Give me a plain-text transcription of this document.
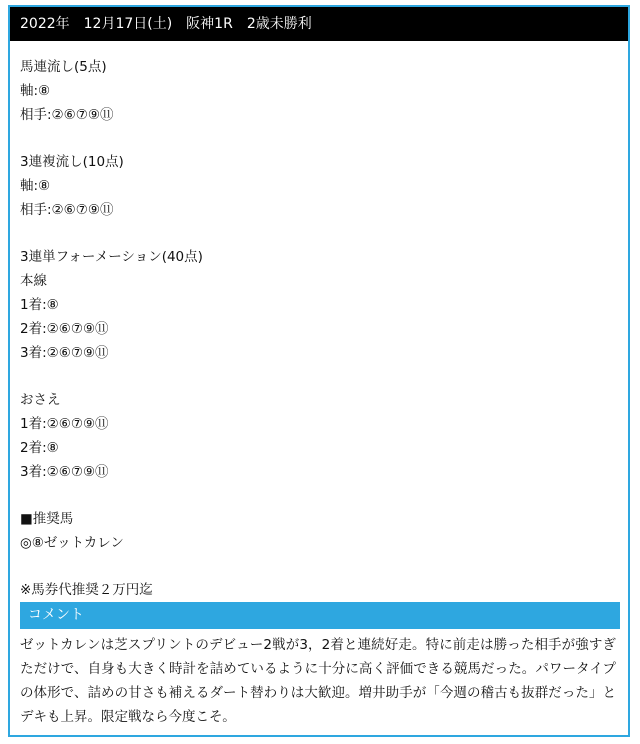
2022年　12月17日(土)　阪神1R　2歳未勝利
馬連流し(5点)
軸:⑧
相手:②⑥⑦⑨⑪
3連複流し(10点)
軸:⑧
相手:②⑥⑦⑨⑪
3連単フォーメーション(40点)
本線
1着:⑧
2着:②⑥⑦⑨⑪
3着:②⑥⑦⑨⑪
おさえ
1着:②⑥⑦⑨⑪
2着:⑧
3着:②⑥⑦⑨⑪
■推奨馬
◎⑧ゼットカレン
※馬券代推奨２万円迄
コメント
ゼットカレンは芝スプリントのデビュー2戦が3，2着と連続好走。特に前走は勝った相手が強すぎただけで、自身も大きく時計を詰めているように十分に高く評価できる競馬だった。パワータイプの体形で、詰めの甘さも補えるダート替わりは大歓迎。増井助手が「今週の稽古も抜群だった」とデキも上昇。限定戦なら今度こそ。
